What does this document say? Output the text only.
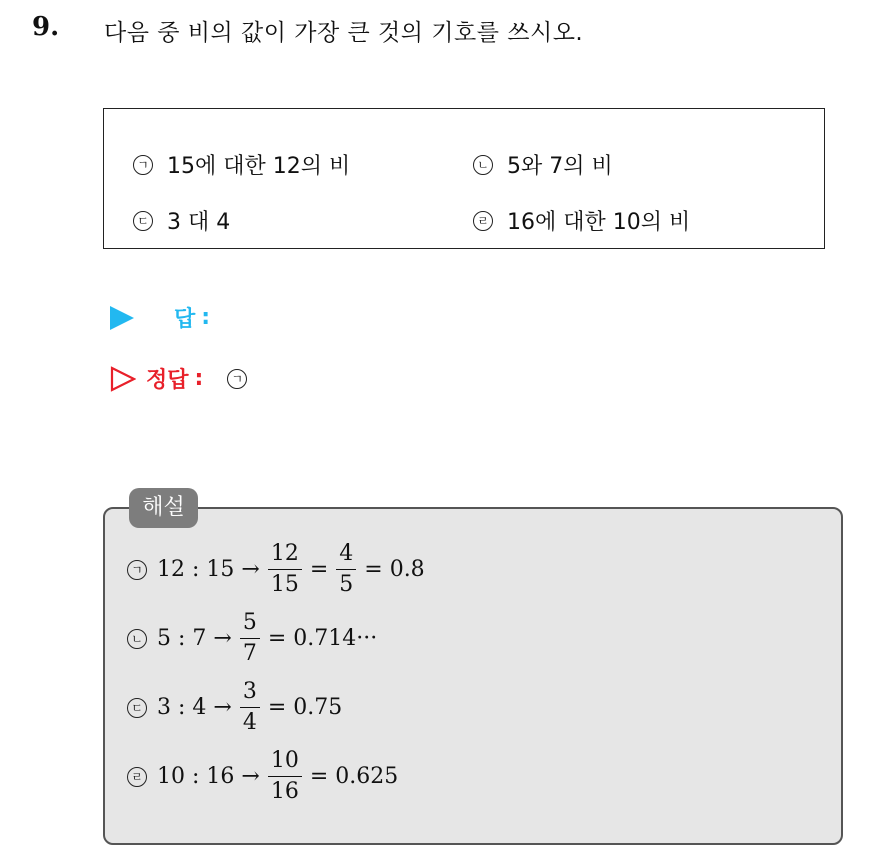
9. 다음 중 비의 값이 가장 큰 것의 기호를 쓰시오.
ㄱ 15에 대한 12의 비	ㄴ 5와 7의 비
ㄷ 3 대 4	ㄹ 16에 대한 10의 비
답 :
정답 :	ㄱ
해설
ㄱ 12 : $15 \to \frac{12}{15} = \frac{4}{5} = 0.8$
ㄴ 5 : $7 \to \frac{5}{7} = 0.714\cdot\cdot\cdot$
ㄷ 3 : $4 \to \frac{3}{4} = 0.75$
ㄹ 10 : $16 \to \frac{10}{16} = 0.625$
